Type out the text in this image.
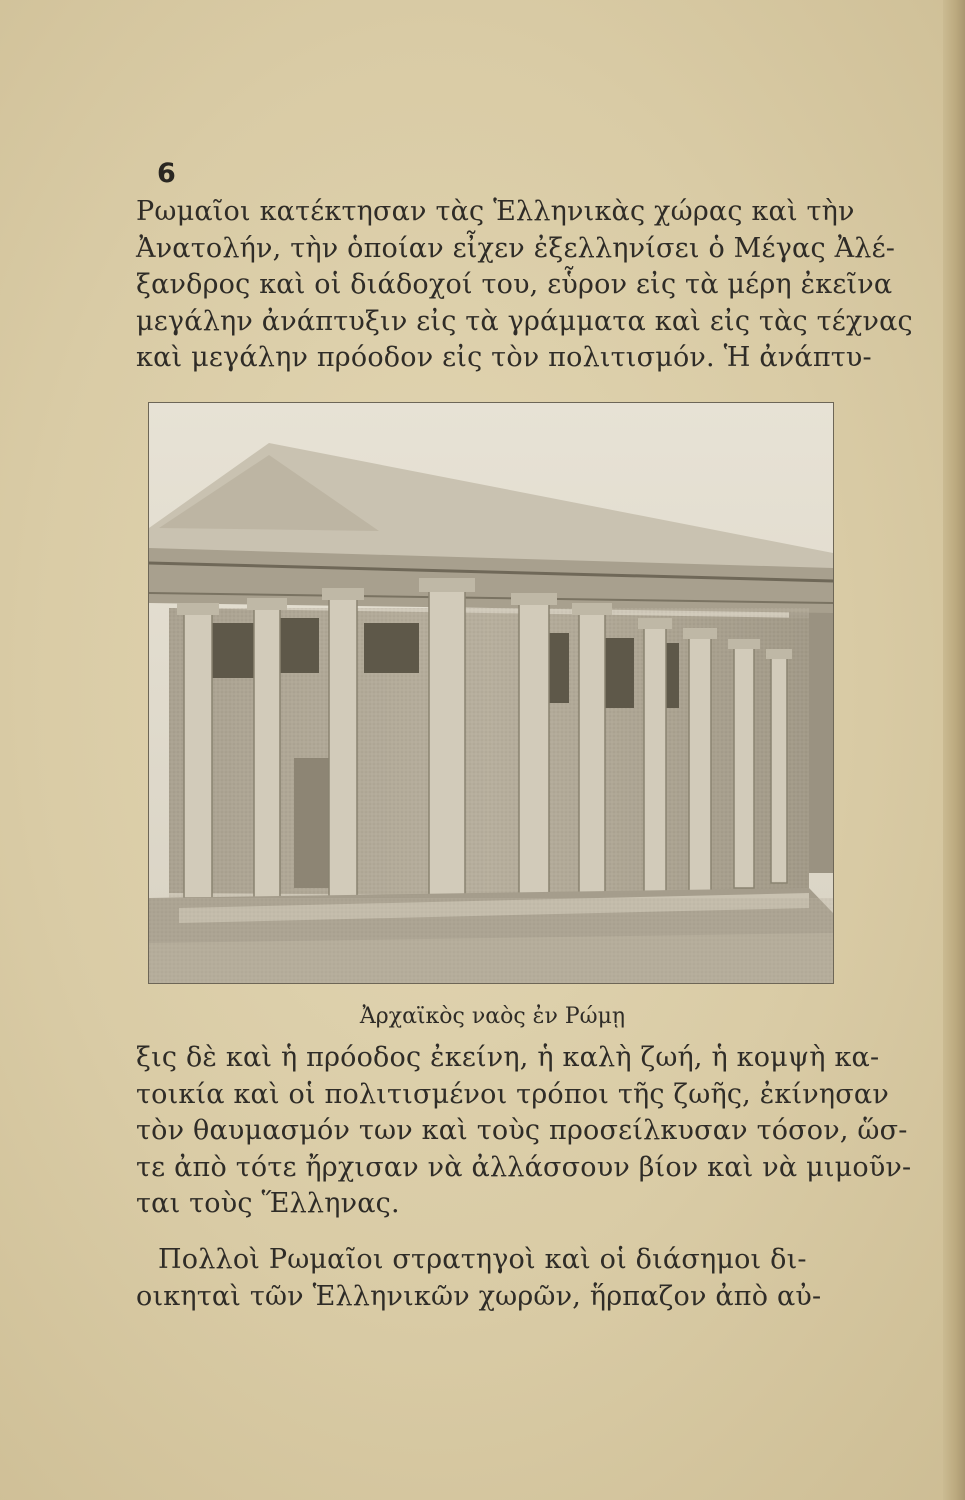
6
Ρωμαῖοι κατέκτησαν τὰς Ἑλληνικὰς χώρας καὶ τὴν
Ἀνατολήν, τὴν ὁποίαν εἶχεν ἐξελληνίσει ὁ Μέγας Ἀλέ-
ξανδρος καὶ οἱ διάδοχοί του, εὗρον εἰς τὰ μέρη ἐκεῖνα
μεγάλην ἀνάπτυξιν εἰς τὰ γράμματα καὶ εἰς τὰς τέχνας
καὶ μεγάλην πρόοδον εἰς τὸν πολιτισμόν. Ἡ ἀνάπτυ-
Ἀρχαϊκὸς ναὸς ἐν Ρώμῃ
ξις δὲ καὶ ἡ πρόοδος ἐκείνη, ἡ καλὴ ζωή, ἡ κομψὴ κα-
τοικία καὶ οἱ πολιτισμένοι τρόποι τῆς ζωῆς, ἐκίνησαν
τὸν θαυμασμόν των καὶ τοὺς προσείλκυσαν τόσον, ὥσ-
τε ἀπὸ τότε ἤρχισαν νὰ ἀλλάσσουν βίον καὶ νὰ μιμοῦν-
ται τοὺς Ἕλληνας.
Πολλοὶ Ρωμαῖοι στρατηγοὶ καὶ οἱ διάσημοι δι-
οικηταὶ τῶν Ἑλληνικῶν χωρῶν, ἥρπαζον ἀπὸ αὐ-
